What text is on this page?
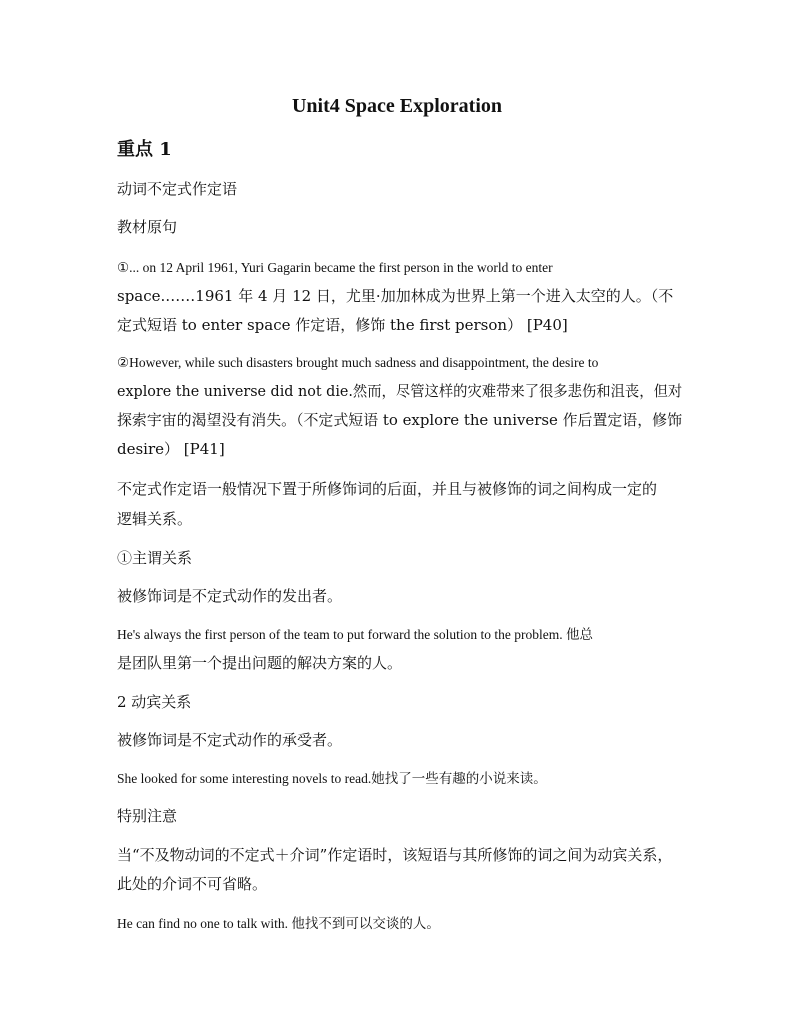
Unit4 Space Exploration
重点 1
动词不定式作定语
教材原句
①... on 12 April 1961, Yuri Gagarin became the first person in the world to enter
space.……1961 年 4 月 12 日，尤里·加加林成为世界上第一个进入太空的人。（不
定式短语 to enter space 作定语，修饰 the first person） [P40]
②However, while such disasters brought much sadness and disappointment, the desire to
explore the universe did not die.然而，尽管这样的灾难带来了很多悲伤和沮丧，但对
探索宇宙的渴望没有消失。（不定式短语 to explore the universe 作后置定语，修饰
desire） [P41]
不定式作定语一般情况下置于所修饰词的后面，并且与被修饰的词之间构成一定的
逻辑关系。
①主谓关系
被修饰词是不定式动作的发出者。
He's always the first person of the team to put forward the solution to the problem. 他总
是团队里第一个提出问题的解决方案的人。
2 动宾关系
被修饰词是不定式动作的承受者。
She looked for some interesting novels to read.她找了一些有趣的小说来读。
特别注意
当“不及物动词的不定式＋介词”作定语时，该短语与其所修饰的词之间为动宾关系，
此处的介词不可省略。
He can find no one to talk with. 他找不到可以交谈的人。
